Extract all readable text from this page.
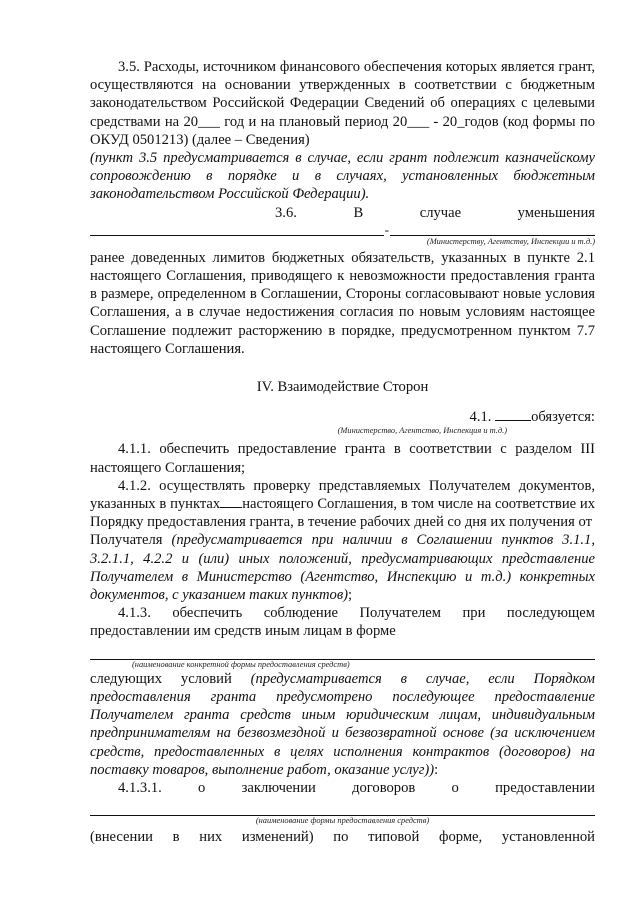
3.5. Расходы, источником финансового обеспечения которых является грант, осуществляются на основании утвержденных в соответствии с бюджетным законодательством Российской Федерации Сведений об операциях с целевыми средствами на 20___ год и на плановый период 20___ - 20_годов (код формы по ОКУД 0501213) (далее – Сведения)

(пункт 3.5 предусматривается в случае, если грант подлежит казначейскому сопровождению в порядке и в случаях, установленных бюджетным законодательством Российской Федерации).

3.6.	В случае уменьшения

-
(Министерству, Агентству, Инспекции и т.д.)

ранее доведенных лимитов бюджетных обязательств, указанных в пункте 2.1 настоящего Соглашения, приводящего к невозможности предоставления гранта в размере, определенном в Соглашении, Стороны согласовывают новые условия Соглашения, а в случае недостижения согласия по новым условиям настоящее Соглашение подлежит расторжению в порядке, предусмотренном пунктом 7.7 настоящего Соглашения.

IV. Взаимодействие Сторон

4.1.	обязуется:

(Министерство, Агентство, Инспекция и т.д.)

4.1.1. обеспечить предоставление гранта в соответствии с разделом III настоящего Соглашения;

4.1.2. осуществлять проверку представляемых Получателем документов, указанных в пунктах настоящего Соглашения, в том числе на соответствие их Порядку предоставления гранта, в течение рабочих дней со дня их получения от

Получателя (предусматривается при наличии в Соглашении пунктов 3.1.1, 3.2.1.1, 4.2.2 и (или) иных положений, предусматривающих представление Получателем в Министерство (Агентство, Инспекцию и т.д.) конкретных документов, с указанием таких пунктов);

4.1.3. обеспечить соблюдение Получателем при последующем предоставлении им средств иным лицам в форме

(наименование конкретной формы предоставления средств)

следующих условий (предусматривается в случае, если Порядком предоставления гранта предусмотрено последующее предоставление Получателем гранта средств иным юридическим лицам, индивидуальным предпринимателям на безвозмездной и безвозвратной основе (за исключением средств, предоставленных в целях исполнения контрактов (договоров) на поставку товаров, выполнение работ, оказание услуг)):

4.1.3.1. о заключении договоров о предоставлении

(наименование формы предоставления средств)

(внесении в них изменений) по типовой форме, установленной
